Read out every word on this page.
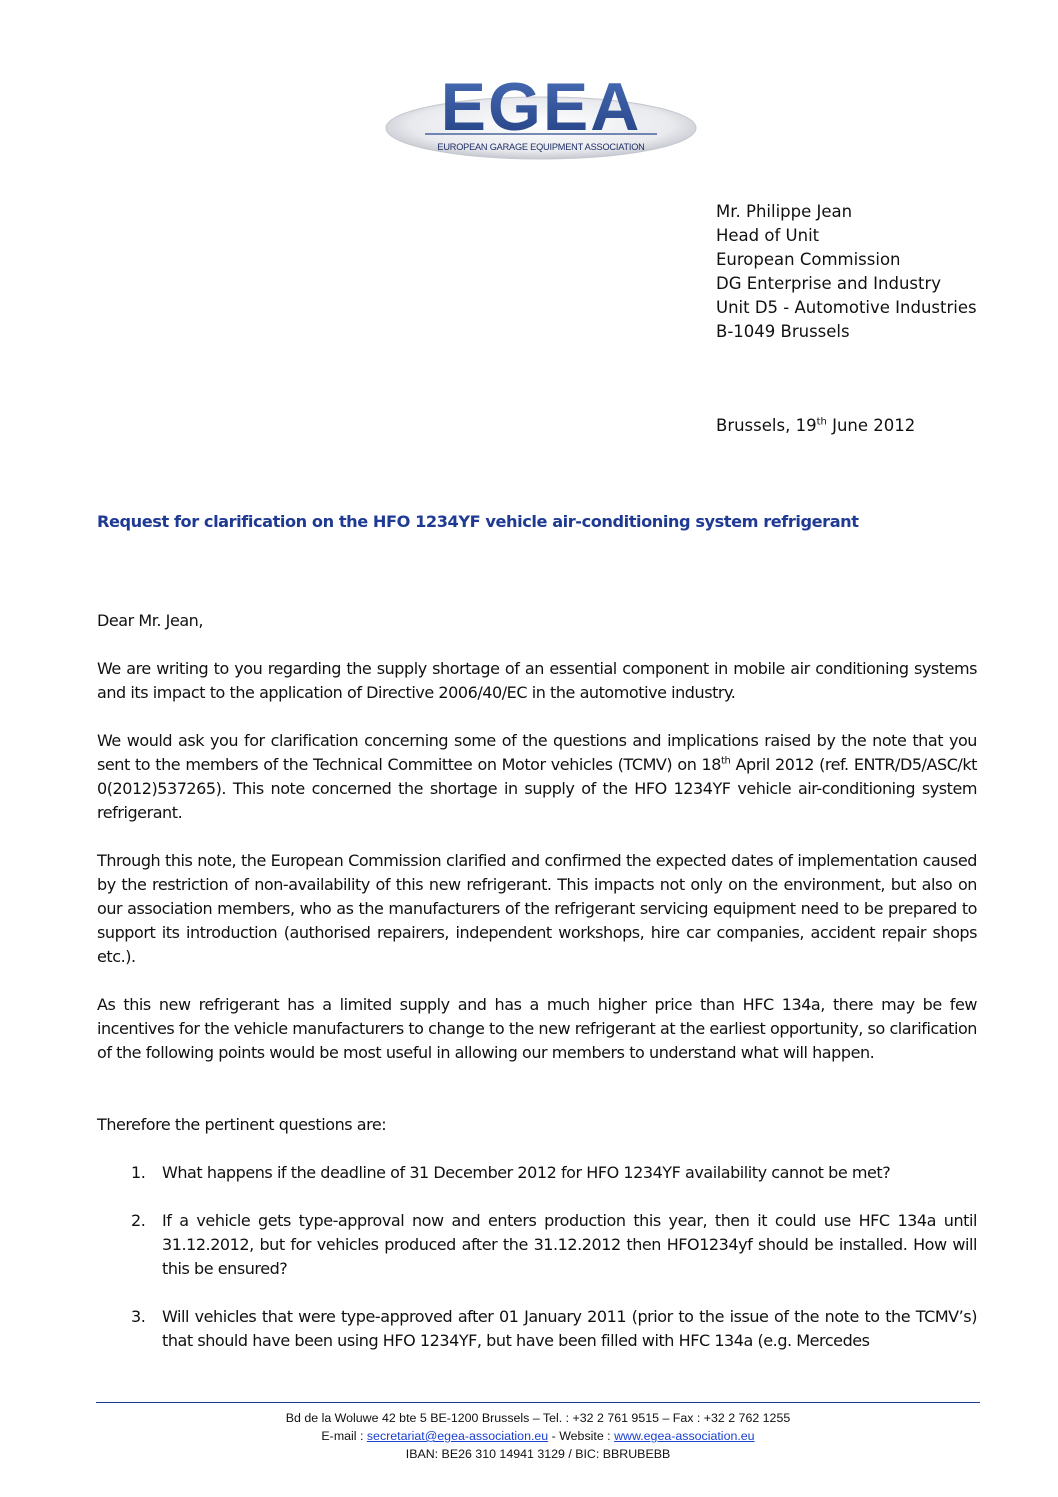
EGEA
EUROPEAN GARAGE EQUIPMENT ASSOCIATION
Mr. Philippe Jean
Head of Unit
European Commission
DG Enterprise and Industry
Unit D5 - Automotive Industries
B-1049 Brussels
Brussels, 19th June 2012
Request for clarification on the HFO 1234YF vehicle air-conditioning system refrigerant

Dear Mr. Jean,

We are writing to you regarding the supply shortage of an essential component in mobile air conditioning systems and its impact to the application of Directive 2006/40/EC in the automotive industry.

We would ask you for clarification concerning some of the questions and implications raised by the note that you sent to the members of the Technical Committee on Motor vehicles (TCMV) on 18th April 2012 (ref. ENTR/D5/ASC/kt 0(2012)537265). This note concerned the shortage in supply of the HFO 1234YF vehicle air-conditioning system refrigerant.

Through this note, the European Commission clarified and confirmed the expected dates of implementation caused by the restriction of non-availability of this new refrigerant. This impacts not only on the environment, but also on our association members, who as the manufacturers of the refrigerant servicing equipment need to be prepared to support its introduction (authorised repairers, independent workshops, hire car companies, accident repair shops etc.).

As this new refrigerant has a limited supply and has a much higher price than HFC 134a, there may be few incentives for the vehicle manufacturers to change to the new refrigerant at the earliest opportunity, so clarification of the following points would be most useful in allowing our members to understand what will happen.

Therefore the pertinent questions are:

1.	What happens if the deadline of 31 December 2012 for HFO 1234YF availability cannot be met?
2.	If a vehicle gets type-approval now and enters production this year, then it could use HFC 134a until 31.12.2012, but for vehicles produced after the 31.12.2012 then HFO1234yf should be installed. How will this be ensured?
3.	Will vehicles that were type-approved after 01 January 2011 (prior to the issue of the note to the TCMV’s) that should have been using HFO 1234YF, but have been filled with HFC 134a (e.g. Mercedes
Bd de la Woluwe 42 bte 5 BE-1200 Brussels – Tel. : +32 2 761 9515 – Fax : +32 2 762 1255
E-mail : secretariat@egea-association.eu - Website : www.egea-association.eu
IBAN: BE26 310 14941 3129 / BIC: BBRUBEBB
